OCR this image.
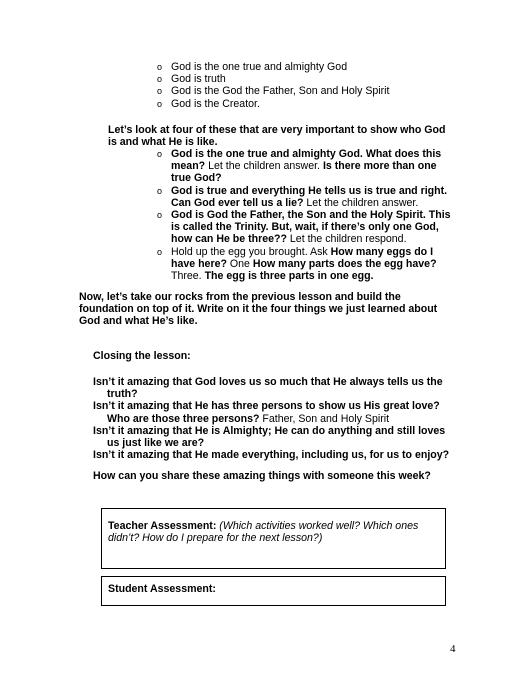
o God is the one true and almighty God
o God is truth
o God is the God the Father, Son and Holy Spirit
o God is the Creator.
Let’s look at four of these that are very important to show who God is and what He is like.
o God is the one true and almighty God. What does this mean? Let the children answer. Is there more than one true God?
o God is true and everything He tells us is true and right. Can God ever tell us a lie? Let the children answer.
o God is God the Father, the Son and the Holy Spirit. This is called the Trinity. But, wait, if there’s only one God, how can He be three?? Let the children respond.
o Hold up the egg you brought. Ask How many eggs do I have here? One How many parts does the egg have? Three. The egg is three parts in one egg.
Now, let’s take our rocks from the previous lesson and build the foundation on top of it. Write on it the four things we just learned about God and what He’s like.
Closing the lesson:
Isn’t it amazing that God loves us so much that He always tells us the truth?
Isn’t it amazing that He has three persons to show us His great love? Who are those three persons? Father, Son and Holy Spirit
Isn’t it amazing that He is Almighty; He can do anything and still loves us just like we are?
Isn’t it amazing that He made everything, including us, for us to enjoy?
How can you share these amazing things with someone this week?
Teacher Assessment: (Which activities worked well? Which ones didn’t? How do I prepare for the next lesson?)
Student Assessment:
4
